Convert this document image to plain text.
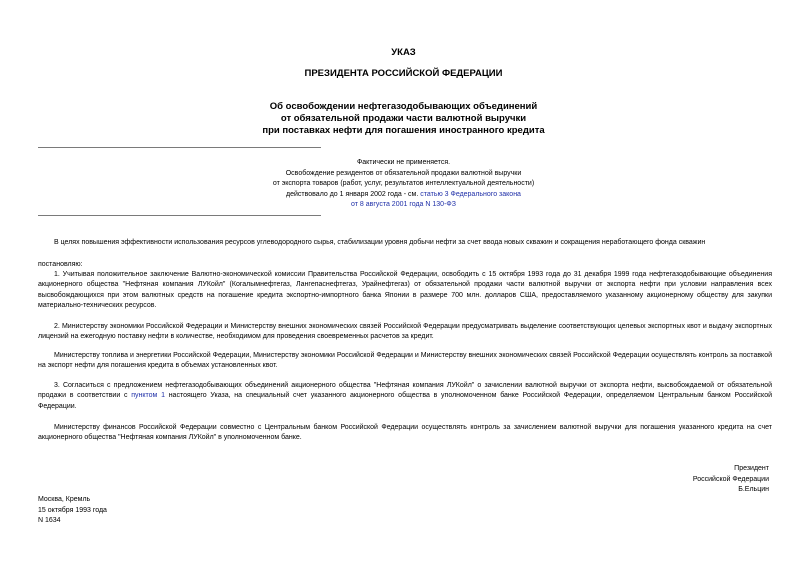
УКАЗ
ПРЕЗИДЕНТА РОССИЙСКОЙ ФЕДЕРАЦИИ
Об освобождении нефтегазодобывающих объединений
от обязательной продажи части валютной выручки
при поставках нефти для погашения иностранного кредита
Фактически не применяется.
Освобождение резидентов от обязательной продажи валютной выручки
от экспорта товаров (работ, услуг, результатов интеллектуальной деятельности)
действовало до 1 января 2002 года - см. статью 3 Федерального закона
от 8 августа 2001 года N 130-ФЗ
В целях повышения эффективности использования ресурсов углеводородного сырья, стабилизации уровня добычи нефти за счет ввода новых скважин и сокращения неработающего фонда скважин
постановляю:
1. Учитывая положительное заключение Валютно-экономической комиссии Правительства Российской Федерации, освободить с 15 октября 1993 года до 31 декабря 1999 года нефтегазодобывающие объединения акционерного общества "Нефтяная компания ЛУКойл" (Когалымнефтегаз, Лангепаснефтегаз, Урайнефтегаз) от обязательной продажи части валютной выручки от экспорта нефти при условии направления всех высвобождающихся при этом валютных средств на погашение кредита экспортно-импортного банка Японии в размере 700 млн. долларов США, предоставляемого указанному акционерному обществу для закупки материально-технических ресурсов.
2. Министерству экономики Российской Федерации и Министерству внешних экономических связей Российской Федерации предусматривать выделение соответствующих целевых экспортных квот и выдачу экспортных лицензий на ежегодную поставку нефти в количестве, необходимом для проведения своевременных расчетов за кредит.
Министерству топлива и энергетики Российской Федерации, Министерству экономики Российской Федерации и Министерству внешних экономических связей Российской Федерации осуществлять контроль за поставкой на экспорт нефти для погашения кредита в объемах установленных квот.
3. Согласиться с предложением нефтегазодобывающих объединений акционерного общества "Нефтяная компания ЛУКойл" о зачислении валютной выручки от экспорта нефти, высвобождаемой от обязательной продажи в соответствии с пунктом 1 настоящего Указа, на специальный счет указанного акционерного общества в уполномоченном банке Российской Федерации, определяемом Центральным банком Российской Федерации.
Министерству финансов Российской Федерации совместно с Центральным банком Российской Федерации осуществлять контроль за зачислением валютной выручки для погашения указанного кредита на счет акционерного общества "Нефтяная компания ЛУКойл" в уполномоченном банке.
Президент
Российской Федерации
Б.Ельцин
Москва, Кремль
15 октября 1993 года
N 1634
